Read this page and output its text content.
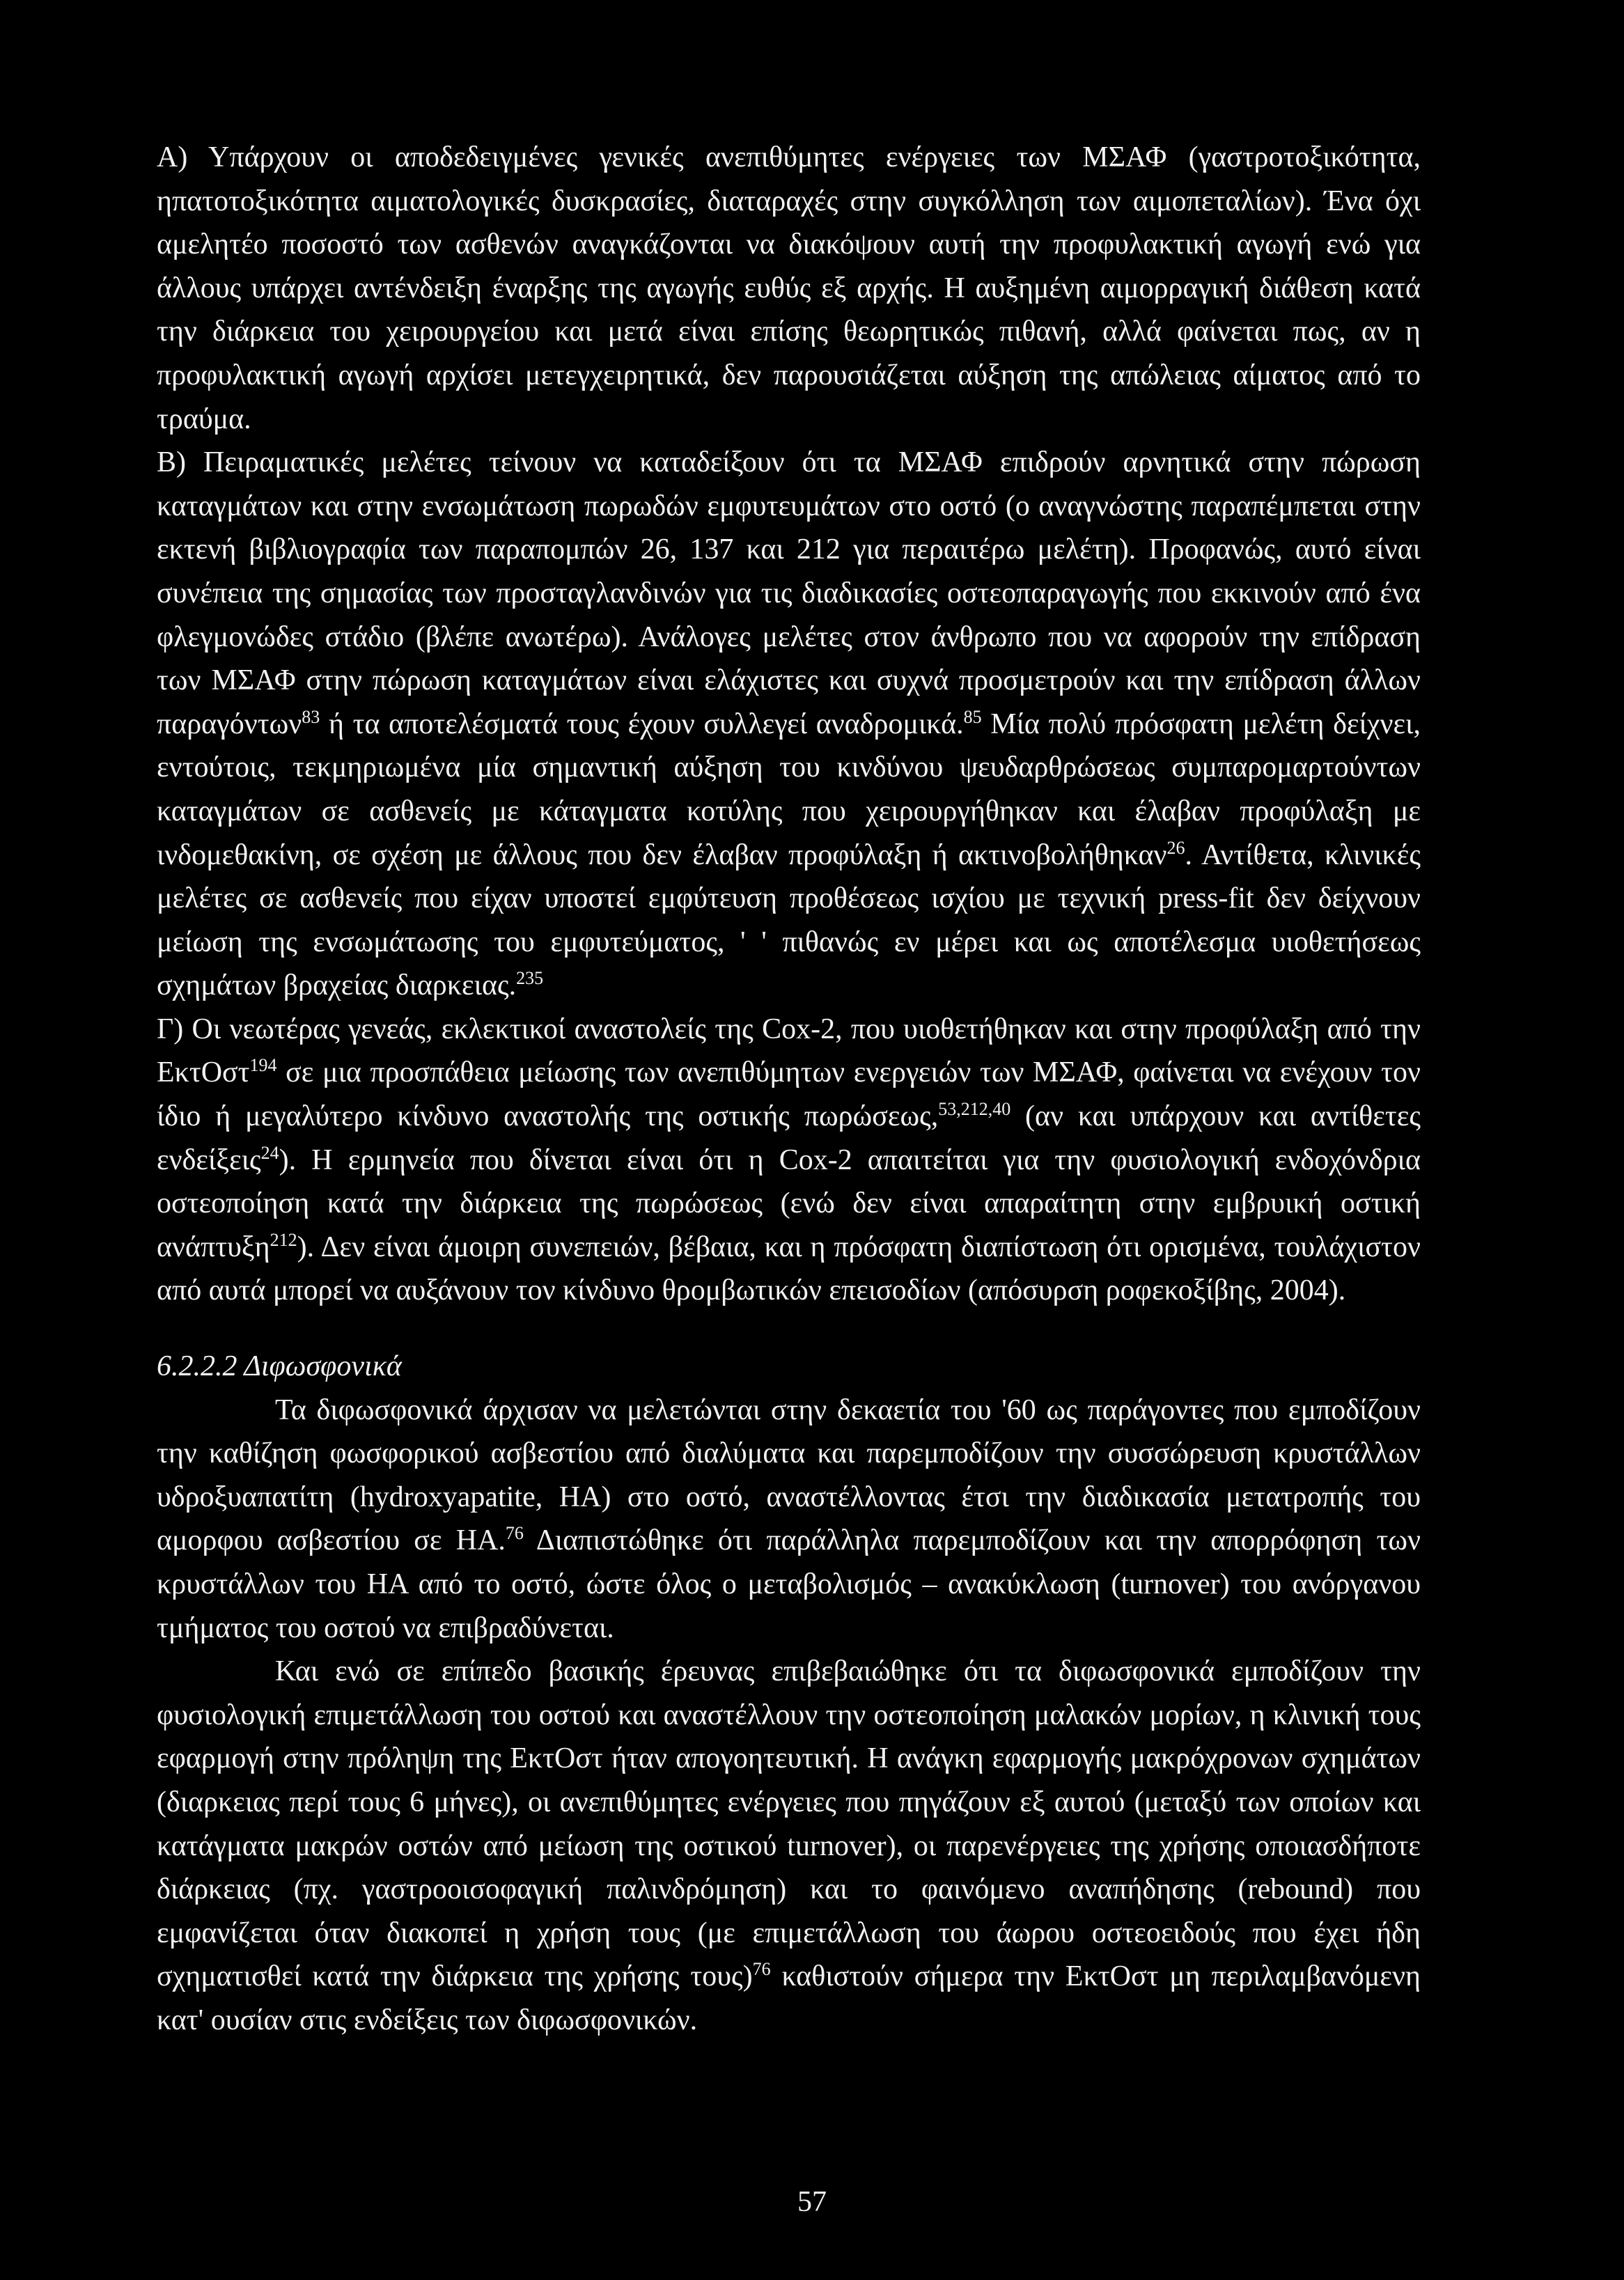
Α) Υπάρχουν οι αποδεδειγμένες γενικές ανεπιθύμητες ενέργειες των ΜΣΑΦ (γαστροτοξικότητα, ηπατοτοξικότητα αιματολογικές δυσκρασίες, διαταραχές στην συγκόλληση των αιμοπεταλίων). Ένα όχι αμελητέο ποσοστό των ασθενών αναγκάζονται να διακόψουν αυτή την προφυλακτική αγωγή ενώ για άλλους υπάρχει αντένδειξη έναρξης της αγωγής ευθύς εξ αρχής. Η αυξημένη αιμορραγική διάθεση κατά την διάρκεια του χειρουργείου και μετά είναι επίσης θεωρητικώς πιθανή, αλλά φαίνεται πως, αν η προφυλακτική αγωγή αρχίσει μετεγχειρητικά, δεν παρουσιάζεται αύξηση της απώλειας αίματος από το τραύμα.

Β) Πειραματικές μελέτες τείνουν να καταδείξουν ότι τα ΜΣΑΦ επιδρούν αρνητικά στην πώρωση καταγμάτων και στην ενσωμάτωση πωρωδών εμφυτευμάτων στο οστό (ο αναγνώστης παραπέμπεται στην εκτενή βιβλιογραφία των παραπομπών 26, 137 και 212 για περαιτέρω μελέτη). Προφανώς, αυτό είναι συνέπεια της σημασίας των προσταγλανδινών για τις διαδικασίες οστεοπαραγωγής που εκκινούν από ένα φλεγμονώδες στάδιο (βλέπε ανωτέρω). Ανάλογες μελέτες στον άνθρωπο που να αφορούν την επίδραση των ΜΣΑΦ στην πώρωση καταγμάτων είναι ελάχιστες και συχνά προσμετρούν και την επίδραση άλλων παραγόντων$^{83}$ ή τα αποτελέσματά τους έχουν συλλεγεί αναδρομικά.$^{85}$ Μία πολύ πρόσφατη μελέτη δείχνει, εντούτοις, τεκμηριωμένα μία σημαντική αύξηση του κινδύνου ψευδαρθρώσεως συμπαρομαρτούντων καταγμάτων σε ασθενείς με κάταγματα κοτύλης που χειρουργήθηκαν και έλαβαν προφύλαξη με ινδομεθακίνη, σε σχέση με άλλους που δεν έλαβαν προφύλαξη ή ακτινοβολήθηκαν$^{26}$. Αντίθετα, κλινικές μελέτες σε ασθενείς που είχαν υποστεί εμφύτευση προθέσεως ισχίου με τεχνική press-fit δεν δείχνουν μείωση της ενσωμάτωσης του εμφυτεύματος, ' ' πιθανώς εν μέρει και ως αποτέλεσμα υιοθετήσεως σχημάτων βραχείας διαρκειας.$^{235}$

Γ) Οι νεωτέρας γενεάς, εκλεκτικοί αναστολείς της Cox-2, που υιοθετήθηκαν και στην προφύλαξη από την ΕκτΟστ$^{194}$ σε μια προσπάθεια μείωσης των ανεπιθύμητων ενεργειών των ΜΣΑΦ, φαίνεται να ενέχουν τον ίδιο ή μεγαλύτερο κίνδυνο αναστολής της οστικής πωρώσεως,$^{53,212,40}$ (αν και υπάρχουν και αντίθετες ενδείξεις$^{24}$). Η ερμηνεία που δίνεται είναι ότι η Cox-2 απαιτείται για την φυσιολογική ενδοχόνδρια οστεοποίηση κατά την διάρκεια της πωρώσεως (ενώ δεν είναι απαραίτητη στην εμβρυική οστική ανάπτυξη$^{212}$). Δεν είναι άμοιρη συνεπειών, βέβαια, και η πρόσφατη διαπίστωση ότι ορισμένα, τουλάχιστον από αυτά μπορεί να αυξάνουν τον κίνδυνο θρομβωτικών επεισοδίων (απόσυρση ροφεκοξίβης, 2004).

6.2.2.2 Διφωσφονικά

Τα διφωσφονικά άρχισαν να μελετώνται στην δεκαετία του '60 ως παράγοντες που εμποδίζουν την καθίζηση φωσφορικού ασβεστίου από διαλύματα και παρεμποδίζουν την συσσώρευση κρυστάλλων υδροξυαπατίτη (hydroxyapatite, ΗΑ) στο οστό, αναστέλλοντας έτσι την διαδικασία μετατροπής του αμορφου ασβεστίου σε ΗΑ.$^{76}$ Διαπιστώθηκε ότι παράλληλα παρεμποδίζουν και την απορρόφηση των κρυστάλλων του ΗΑ από το οστό, ώστε όλος ο μεταβολισμός – ανακύκλωση (turnover) του ανόργανου τμήματος του οστού να επιβραδύνεται.

Και ενώ σε επίπεδο βασικής έρευνας επιβεβαιώθηκε ότι τα διφωσφονικά εμποδίζουν την φυσιολογική επιμετάλλωση του οστού και αναστέλλουν την οστεοποίηση μαλακών μορίων, η κλινική τους εφαρμογή στην πρόληψη της ΕκτΟστ ήταν απογοητευτική. Η ανάγκη εφαρμογής μακρόχρονων σχημάτων (διαρκειας περί τους 6 μήνες), οι ανεπιθύμητες ενέργειες που πηγάζουν εξ αυτού (μεταξύ των οποίων και κατάγματα μακρών οστών από μείωση της οστικού turnover), οι παρενέργειες της χρήσης οποιασδήποτε διάρκειας (πχ. γαστροοισοφαγική παλινδρόμηση) και το φαινόμενο αναπήδησης (rebound) που εμφανίζεται όταν διακοπεί η χρήση τους (με επιμετάλλωση του άωρου οστεοειδούς που έχει ήδη σχηματισθεί κατά την διάρκεια της χρήσης τους)$^{76}$ καθιστούν σήμερα την ΕκτΟστ μη περιλαμβανόμενη κατ' ουσίαν στις ενδείξεις των διφωσφονικών.

57
